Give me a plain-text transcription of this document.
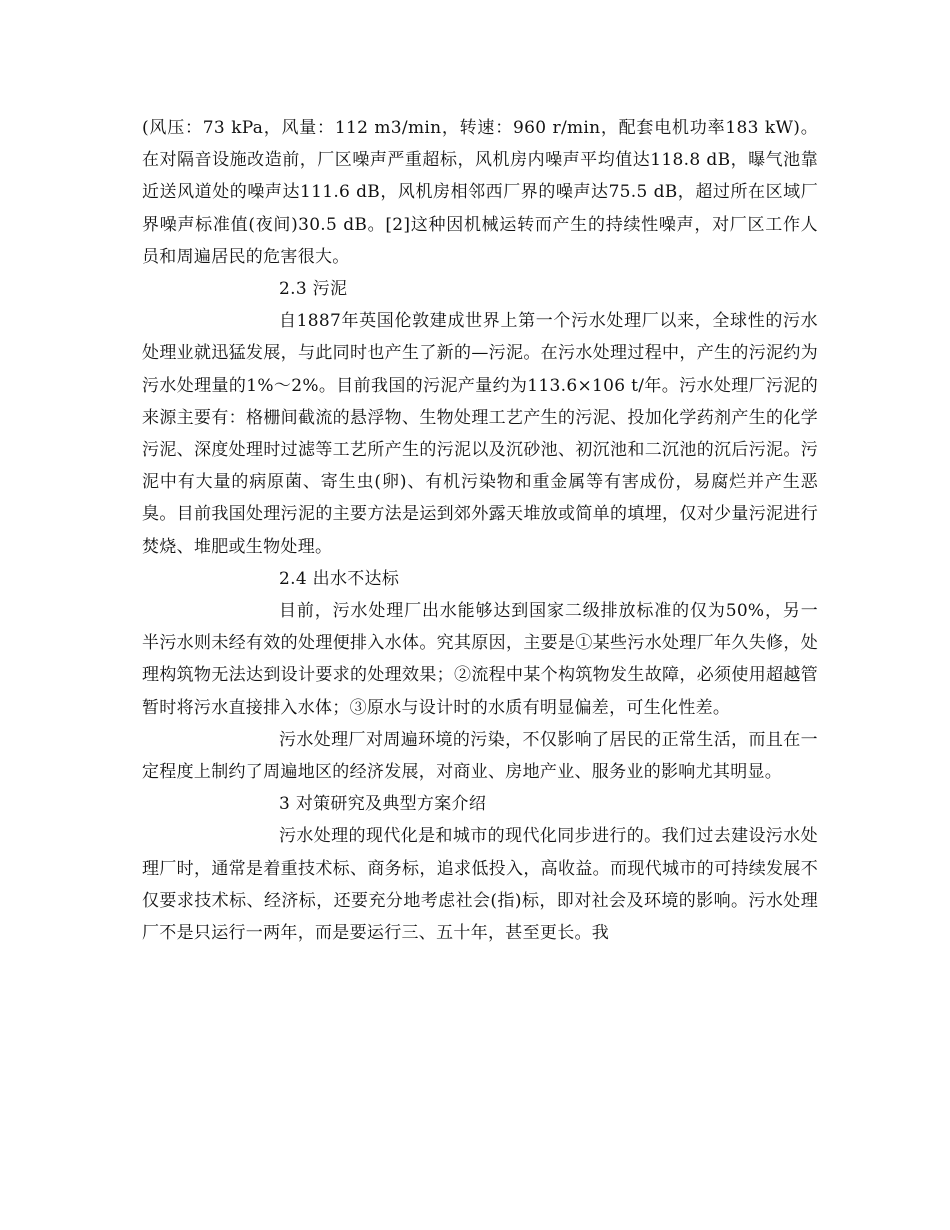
(风压：73 kPa，风量：112 m3/min，转速：960 r/min，配套电机功率183 kW)。在对隔音设施改造前，厂区噪声严重超标，风机房内噪声平均值达118.8 dB，曝气池靠近送风道处的噪声达111.6 dB，风机房相邻西厂界的噪声达75.5 dB，超过所在区域厂界噪声标准值(夜间)30.5 dB。[2]这种因机械运转而产生的持续性噪声，对厂区工作人员和周遍居民的危害很大。

2.3 污泥

自1887年英国伦敦建成世界上第一个污水处理厂以来，全球性的污水处理业就迅猛发展，与此同时也产生了新的—污泥。在污水处理过程中，产生的污泥约为污水处理量的1%～2%。目前我国的污泥产量约为113.6×106 t/年。污水处理厂污泥的来源主要有：格栅间截流的悬浮物、生物处理工艺产生的污泥、投加化学药剂产生的化学污泥、深度处理时过滤等工艺所产生的污泥以及沉砂池、初沉池和二沉池的沉后污泥。污泥中有大量的病原菌、寄生虫(卵)、有机污染物和重金属等有害成份，易腐烂并产生恶臭。目前我国处理污泥的主要方法是运到郊外露天堆放或简单的填埋，仅对少量污泥进行焚烧、堆肥或生物处理。

2.4 出水不达标

目前，污水处理厂出水能够达到国家二级排放标准的仅为50%，另一半污水则未经有效的处理便排入水体。究其原因，主要是①某些污水处理厂年久失修，处理构筑物无法达到设计要求的处理效果；②流程中某个构筑物发生故障，必须使用超越管暂时将污水直接排入水体；③原水与设计时的水质有明显偏差，可生化性差。

污水处理厂对周遍环境的污染，不仅影响了居民的正常生活，而且在一定程度上制约了周遍地区的经济发展，对商业、房地产业、服务业的影响尤其明显。

3 对策研究及典型方案介绍

污水处理的现代化是和城市的现代化同步进行的。我们过去建设污水处理厂时，通常是着重技术标、商务标，追求低投入，高收益。而现代城市的可持续发展不仅要求技术标、经济标，还要充分地考虑社会(指)标，即对社会及环境的影响。污水处理厂不是只运行一两年，而是要运行三、五十年，甚至更长。我
